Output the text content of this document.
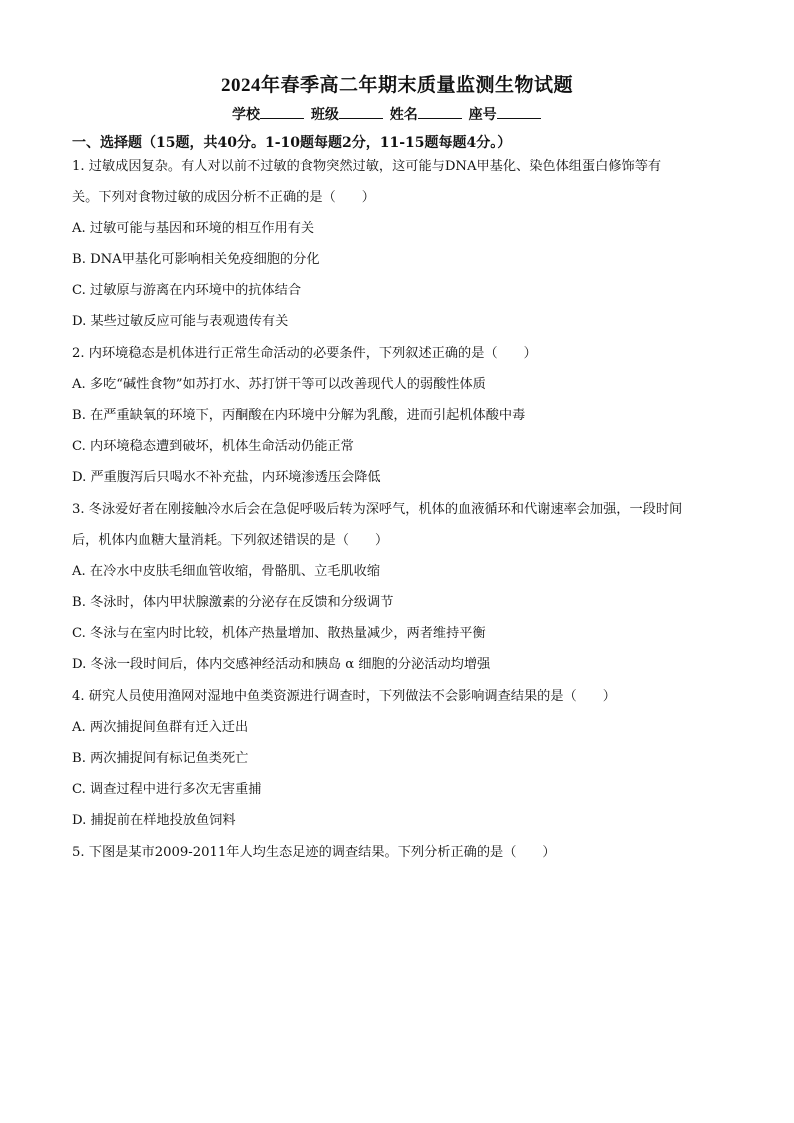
2024年春季高二年期末质量监测生物试题
学校	班级	姓名	座号
一、选择题（15题，共40分。1-10题每题2分，11-15题每题4分。）
1. 过敏成因复杂。有人对以前不过敏的食物突然过敏，这可能与DNA甲基化、染色体组蛋白修饰等有
关。下列对食物过敏的成因分析不正确的是（ ）
A. 过敏可能与基因和环境的相互作用有关
B. DNA甲基化可影响相关免疫细胞的分化
C. 过敏原与游离在内环境中的抗体结合
D. 某些过敏反应可能与表观遗传有关
2. 内环境稳态是机体进行正常生命活动的必要条件，下列叙述正确的是（ ）
A. 多吃“碱性食物”如苏打水、苏打饼干等可以改善现代人的弱酸性体质
B. 在严重缺氧的环境下，丙酮酸在内环境中分解为乳酸，进而引起机体酸中毒
C. 内环境稳态遭到破坏，机体生命活动仍能正常
D. 严重腹泻后只喝水不补充盐，内环境渗透压会降低
3. 冬泳爱好者在刚接触冷水后会在急促呼吸后转为深呼气，机体的血液循环和代谢速率会加强，一段时间
后，机体内血糖大量消耗。下列叙述错误的是（ ）
A. 在冷水中皮肤毛细血管收缩，骨骼肌、立毛肌收缩
B. 冬泳时，体内甲状腺激素的分泌存在反馈和分级调节
C. 冬泳与在室内时比较，机体产热量增加、散热量减少，两者维持平衡
D. 冬泳一段时间后，体内交感神经活动和胰岛 α 细胞的分泌活动均增强
4. 研究人员使用渔网对湿地中鱼类资源进行调查时，下列做法不会影响调查结果的是（ ）
A. 两次捕捉间鱼群有迁入迁出
B. 两次捕捉间有标记鱼类死亡
C. 调查过程中进行多次无害重捕
D. 捕捉前在样地投放鱼饲料
5. 下图是某市2009-2011年人均生态足迹的调查结果。下列分析正确的是（ ）
